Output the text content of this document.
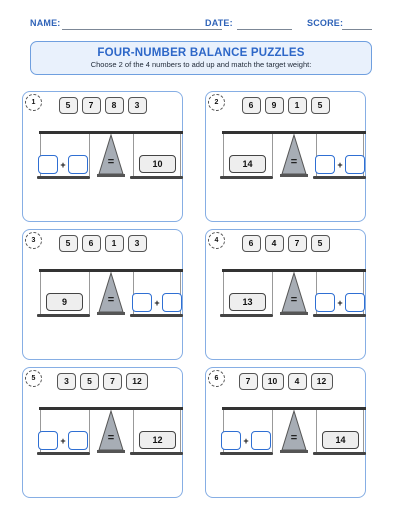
NAME:	DATE:	SCORE:
FOUR-NUMBER BALANCE PUZZLES
Choose 2 of the 4 numbers to add up and match the target weight:
1	5	7	8	3
=
+	10
2	6	9	1	5
=	+
14
3	5	6	1	3
=	+
9
4	6	4	7	5
=	+
13
5	3	5	7	12
=
+	12
6	7	10	4	12
=
+	14
